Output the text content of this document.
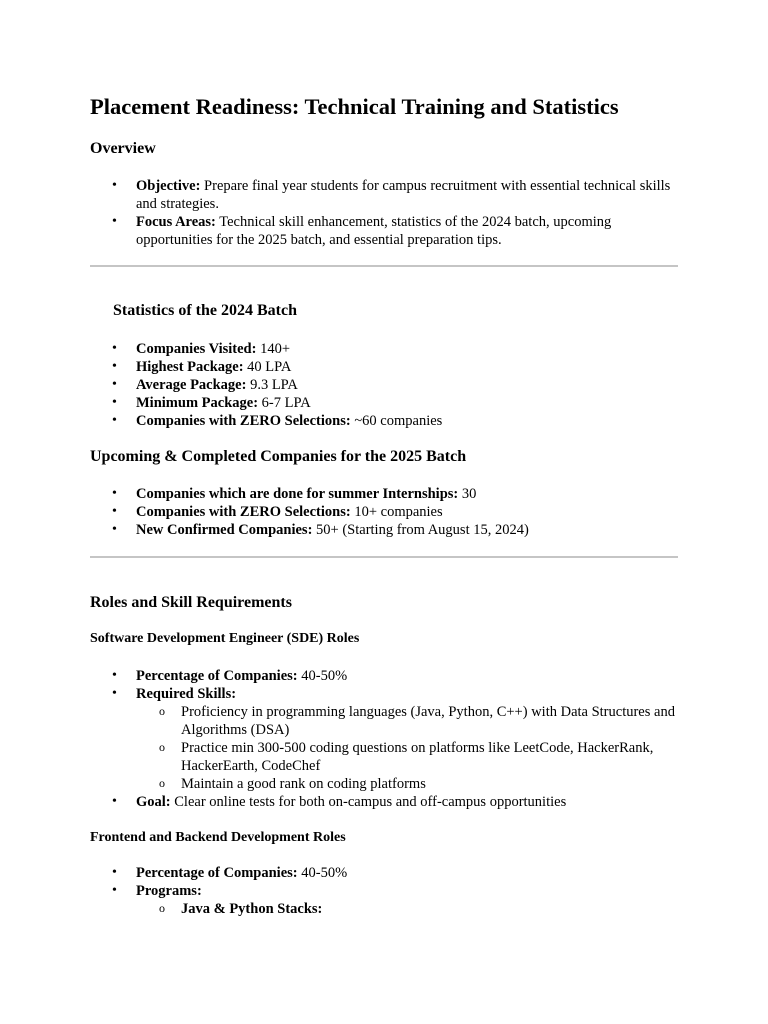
Placement Readiness: Technical Training and Statistics
Overview
• Objective: Prepare final year students for campus recruitment with essential technical skills and strategies.
• Focus Areas: Technical skill enhancement, statistics of the 2024 batch, upcoming opportunities for the 2025 batch, and essential preparation tips.
Statistics of the 2024 Batch
• Companies Visited: 140+
• Highest Package: 40 LPA
• Average Package: 9.3 LPA
• Minimum Package: 6-7 LPA
• Companies with ZERO Selections: ~60 companies
Upcoming & Completed Companies for the 2025 Batch
• Companies which are done for summer Internships: 30
• Companies with ZERO Selections: 10+ companies
• New Confirmed Companies: 50+ (Starting from August 15, 2024)
Roles and Skill Requirements
Software Development Engineer (SDE) Roles
• Percentage of Companies: 40-50%
• Required Skills:
o Proficiency in programming languages (Java, Python, C++) with Data Structures and Algorithms (DSA)
o Practice min 300-500 coding questions on platforms like LeetCode, HackerRank, HackerEarth, CodeChef
o Maintain a good rank on coding platforms
• Goal: Clear online tests for both on-campus and off-campus opportunities
Frontend and Backend Development Roles
• Percentage of Companies: 40-50%
• Programs:
o Java & Python Stacks:
